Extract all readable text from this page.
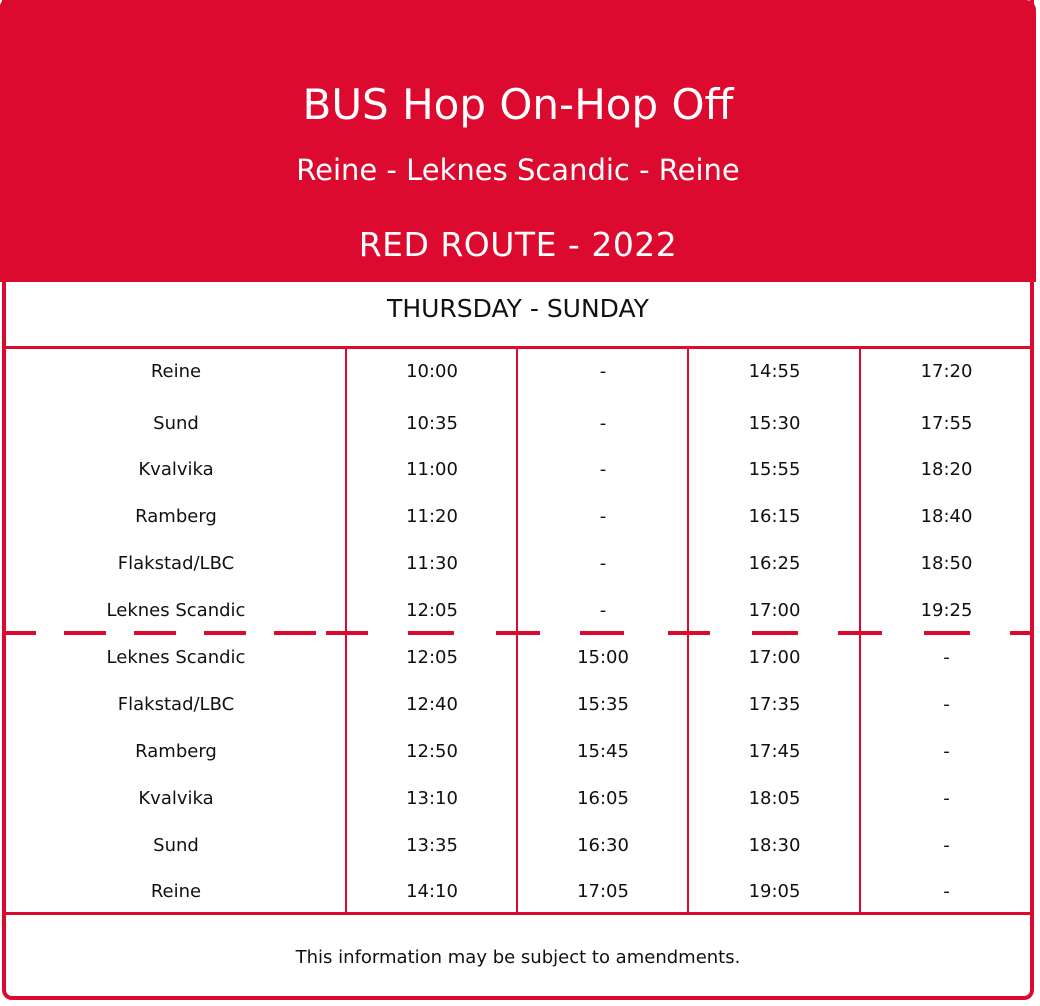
BUS Hop On-Hop Off
Reine - Leknes Scandic - Reine
RED ROUTE - 2022
THURSDAY - SUNDAY
Reine	10:00	-	14:55	17:20
Sund	10:35	-	15:30	17:55
Kvalvika	11:00	-	15:55	18:20
Ramberg	11:20	-	16:15	18:40
Flakstad/LBC	11:30	-	16:25	18:50
Leknes Scandic	12:05	-	17:00	19:25
Leknes Scandic	12:05	15:00	17:00	-
Flakstad/LBC	12:40	15:35	17:35	-
Ramberg	12:50	15:45	17:45	-
Kvalvika	13:10	16:05	18:05	-
Sund	13:35	16:30	18:30	-
Reine	14:10	17:05	19:05	-
This information may be subject to amendments.
